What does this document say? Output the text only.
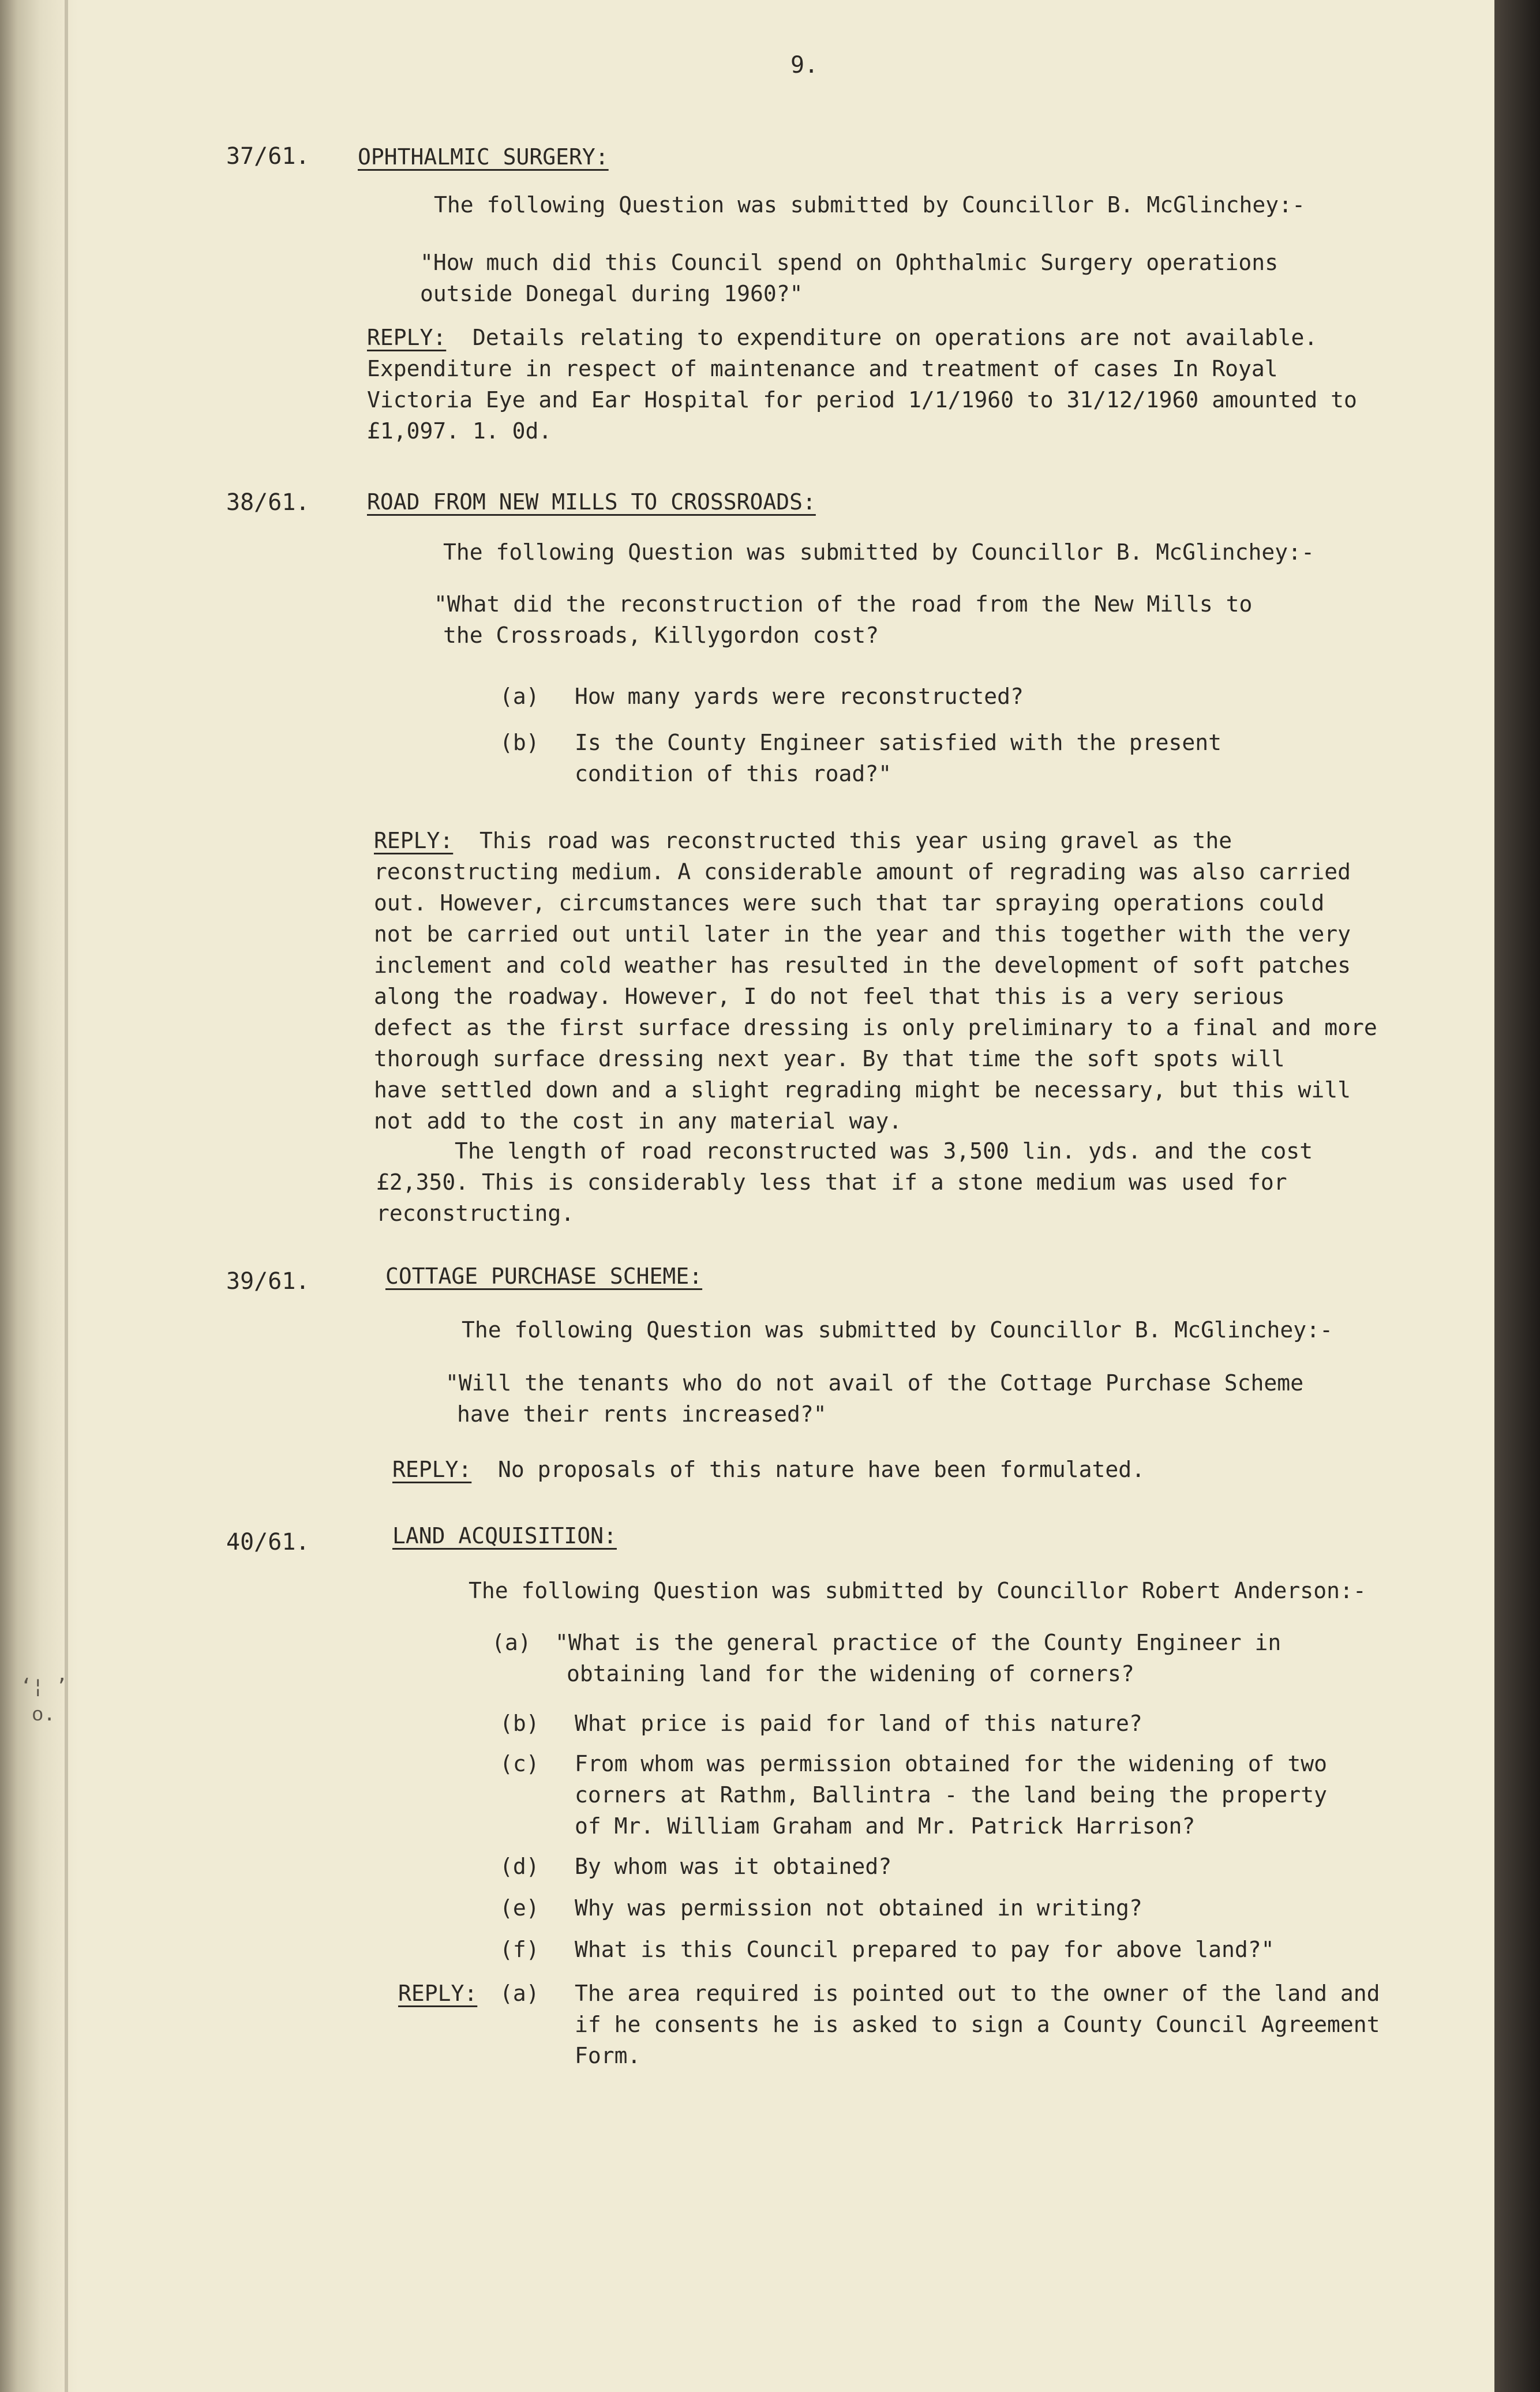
9.
37/61. OPHTHALMIC SURGERY:
The following Question was submitted by Councillor B. McGlinchey:-
"How much did this Council spend on Ophthalmic Surgery operations
outside Donegal during 1960?"
REPLY: Details relating to expenditure on operations are not available.
Expenditure in respect of maintenance and treatment of cases In Royal
Victoria Eye and Ear Hospital for period 1/1/1960 to 31/12/1960 amounted to
£1,097. 1. 0d.
38/61.	ROAD FROM NEW MILLS TO CROSSROADS:
The following Question was submitted by Councillor B. McGlinchey:-
"What did the reconstruction of the road from the New Mills to
the Crossroads, Killygordon cost?
(a) How many yards were reconstructed?
(b) Is the County Engineer satisfied with the present
condition of this road?"
REPLY: This road was reconstructed this year using gravel as the
reconstructing medium. A considerable amount of regrading was also carried
out. However, circumstances were such that tar spraying operations could
not be carried out until later in the year and this together with the very
inclement and cold weather has resulted in the development of soft patches
along the roadway. However, I do not feel that this is a very serious
defect as the first surface dressing is only preliminary to a final and more
thorough surface dressing next year. By that time the soft spots will
have settled down and a slight regrading might be necessary, but this will
not add to the cost in any material way.
The length of road reconstructed was 3,500 lin. yds. and the cost
£2,350. This is considerably less that if a stone medium was used for
reconstructing.
39/61.	COTTAGE PURCHASE SCHEME:
The following Question was submitted by Councillor B. McGlinchey:-
"Will the tenants who do not avail of the Cottage Purchase Scheme
have their rents increased?"
REPLY: No proposals of this nature have been formulated.
40/61.	LAND ACQUISITION:
The following Question was submitted by Councillor Robert Anderson:-
(a) "What is the general practice of the County Engineer in
obtaining land for the widening of corners?
(b) What price is paid for land of this nature?
(c) From whom was permission obtained for the widening of two
corners at Rathm, Ballintra - the land being the property
of Mr. William Graham and Mr. Patrick Harrison?
(d) By whom was it obtained?
(e) Why was permission not obtained in writing?
(f) What is this Council prepared to pay for above land?"
REPLY: (a) The area required is pointed out to the owner of the land and
if he consents he is asked to sign a County Council Agreement
Form.
‘¦ ’
ᴏ.
